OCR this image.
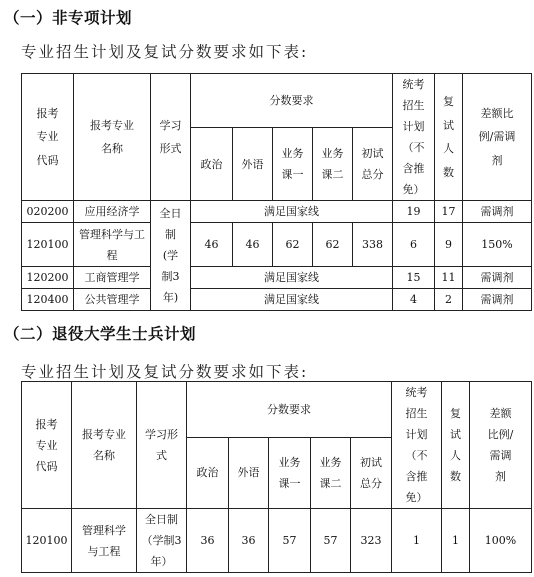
（一）非专项计划
专业招生计划及复试分数要求如下表:
报考专业代码	报考专业名称	学习形式	分数要求					统考招生计划（不含推免）	复试人数	差额比例/需调剂

			政治	外语	业务课一	业务课二	初试总分			

020200	应用经济学	全日制(学制3年)	满足国家线					19	17	需调剂
120100	管理科学与工程		46	46	62	62	338	6	9	150%
120200	工商管理学		满足国家线					15	11	需调剂
120400	公共管理学		满足国家线					4	2	需调剂
（二）退役大学生士兵计划
专业招生计划及复试分数要求如下表:
报考专业代码	报考专业名称	学习形式	分数要求					统考招生计划（不含推免）	复试人数	差额比例/需调剂

			政治	外语	业务课一	业务课二	初试总分			

120100	管理科学与工程	全日制（学制3年）	36	36	57	57	323	1	1	100%
